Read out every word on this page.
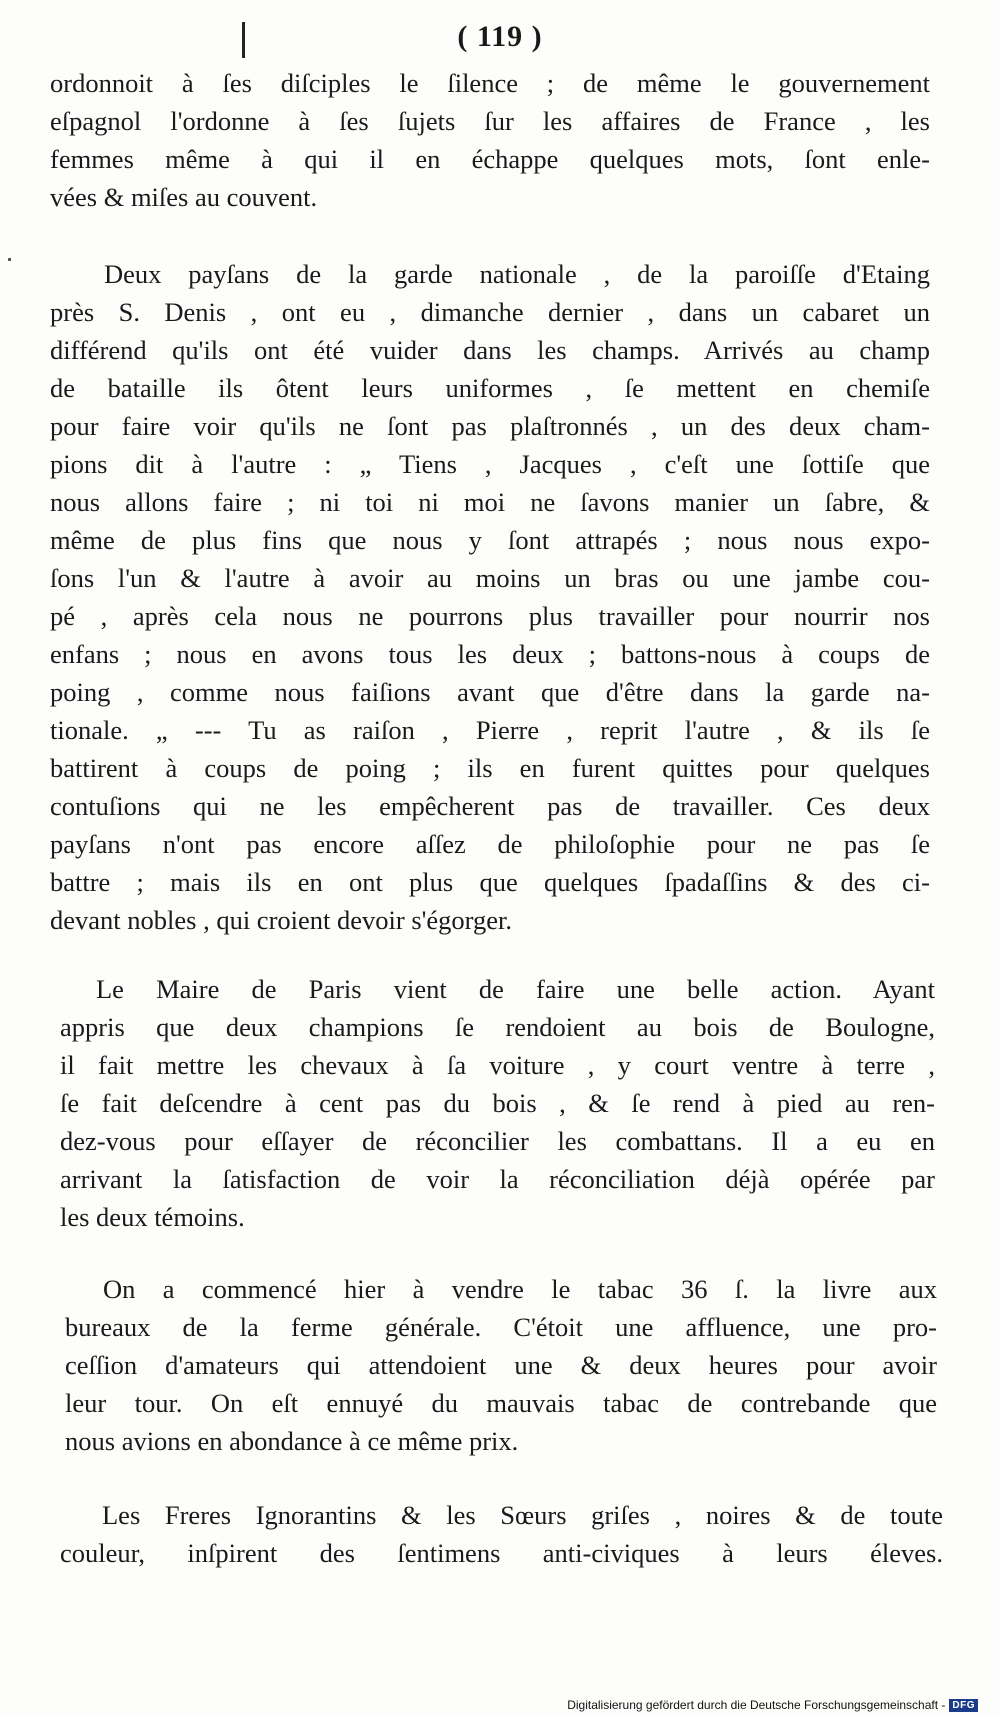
( 119 )
ordonnoit à ſes diſciples le ſilence ; de même le gouvernement
eſpagnol l'ordonne à ſes ſujets ſur les affaires de France , les
femmes même à qui il en échappe quelques mots, ſont enle-
vées & miſes au couvent.
Deux payſans de la garde nationale , de la paroiſſe d'Etaing
près S. Denis , ont eu , dimanche dernier , dans un cabaret un
différend qu'ils ont été vuider dans les champs. Arrivés au champ
de bataille ils ôtent leurs uniformes , ſe mettent en chemiſe
pour faire voir qu'ils ne ſont pas plaſtronnés , un des deux cham-
pions dit à l'autre : „ Tiens , Jacques , c'eſt une ſottiſe que
nous allons faire ; ni toi ni moi ne ſavons manier un ſabre, &
même de plus fins que nous y ſont attrapés ; nous nous expo-
ſons l'un & l'autre à avoir au moins un bras ou une jambe cou-
pé , après cela nous ne pourrons plus travailler pour nourrir nos
enfans ; nous en avons tous les deux ; battons-nous à coups de
poing , comme nous faiſions avant que d'être dans la garde na-
tionale. „ --- Tu as raiſon , Pierre , reprit l'autre , & ils ſe
battirent à coups de poing ; ils en furent quittes pour quelques
contuſions qui ne les empêcherent pas de travailler. Ces deux
payſans n'ont pas encore aſſez de philoſophie pour ne pas ſe
battre ; mais ils en ont plus que quelques ſpadaſſins & des ci-
devant nobles , qui croient devoir s'égorger.
Le Maire de Paris vient de faire une belle action. Ayant
appris que deux champions ſe rendoient au bois de Boulogne,
il fait mettre les chevaux à ſa voiture , y court ventre à terre ,
ſe fait deſcendre à cent pas du bois , & ſe rend à pied au ren-
dez-vous pour eſſayer de réconcilier les combattans. Il a eu en
arrivant la ſatisfaction de voir la réconciliation déjà opérée par
les deux témoins.
On a commencé hier à vendre le tabac 36 ſ. la livre aux
bureaux de la ferme générale. C'étoit une affluence, une pro-
ceſſion d'amateurs qui attendoient une & deux heures pour avoir
leur tour. On eſt ennuyé du mauvais tabac de contrebande que
nous avions en abondance à ce même prix.
Les Freres Ignorantins & les Sœurs griſes , noires & de toute
couleur, inſpirent des ſentimens anti-civiques à leurs éleves.
Digitalisierung gefördert durch die Deutsche Forschungsgemeinschaft - DFG
